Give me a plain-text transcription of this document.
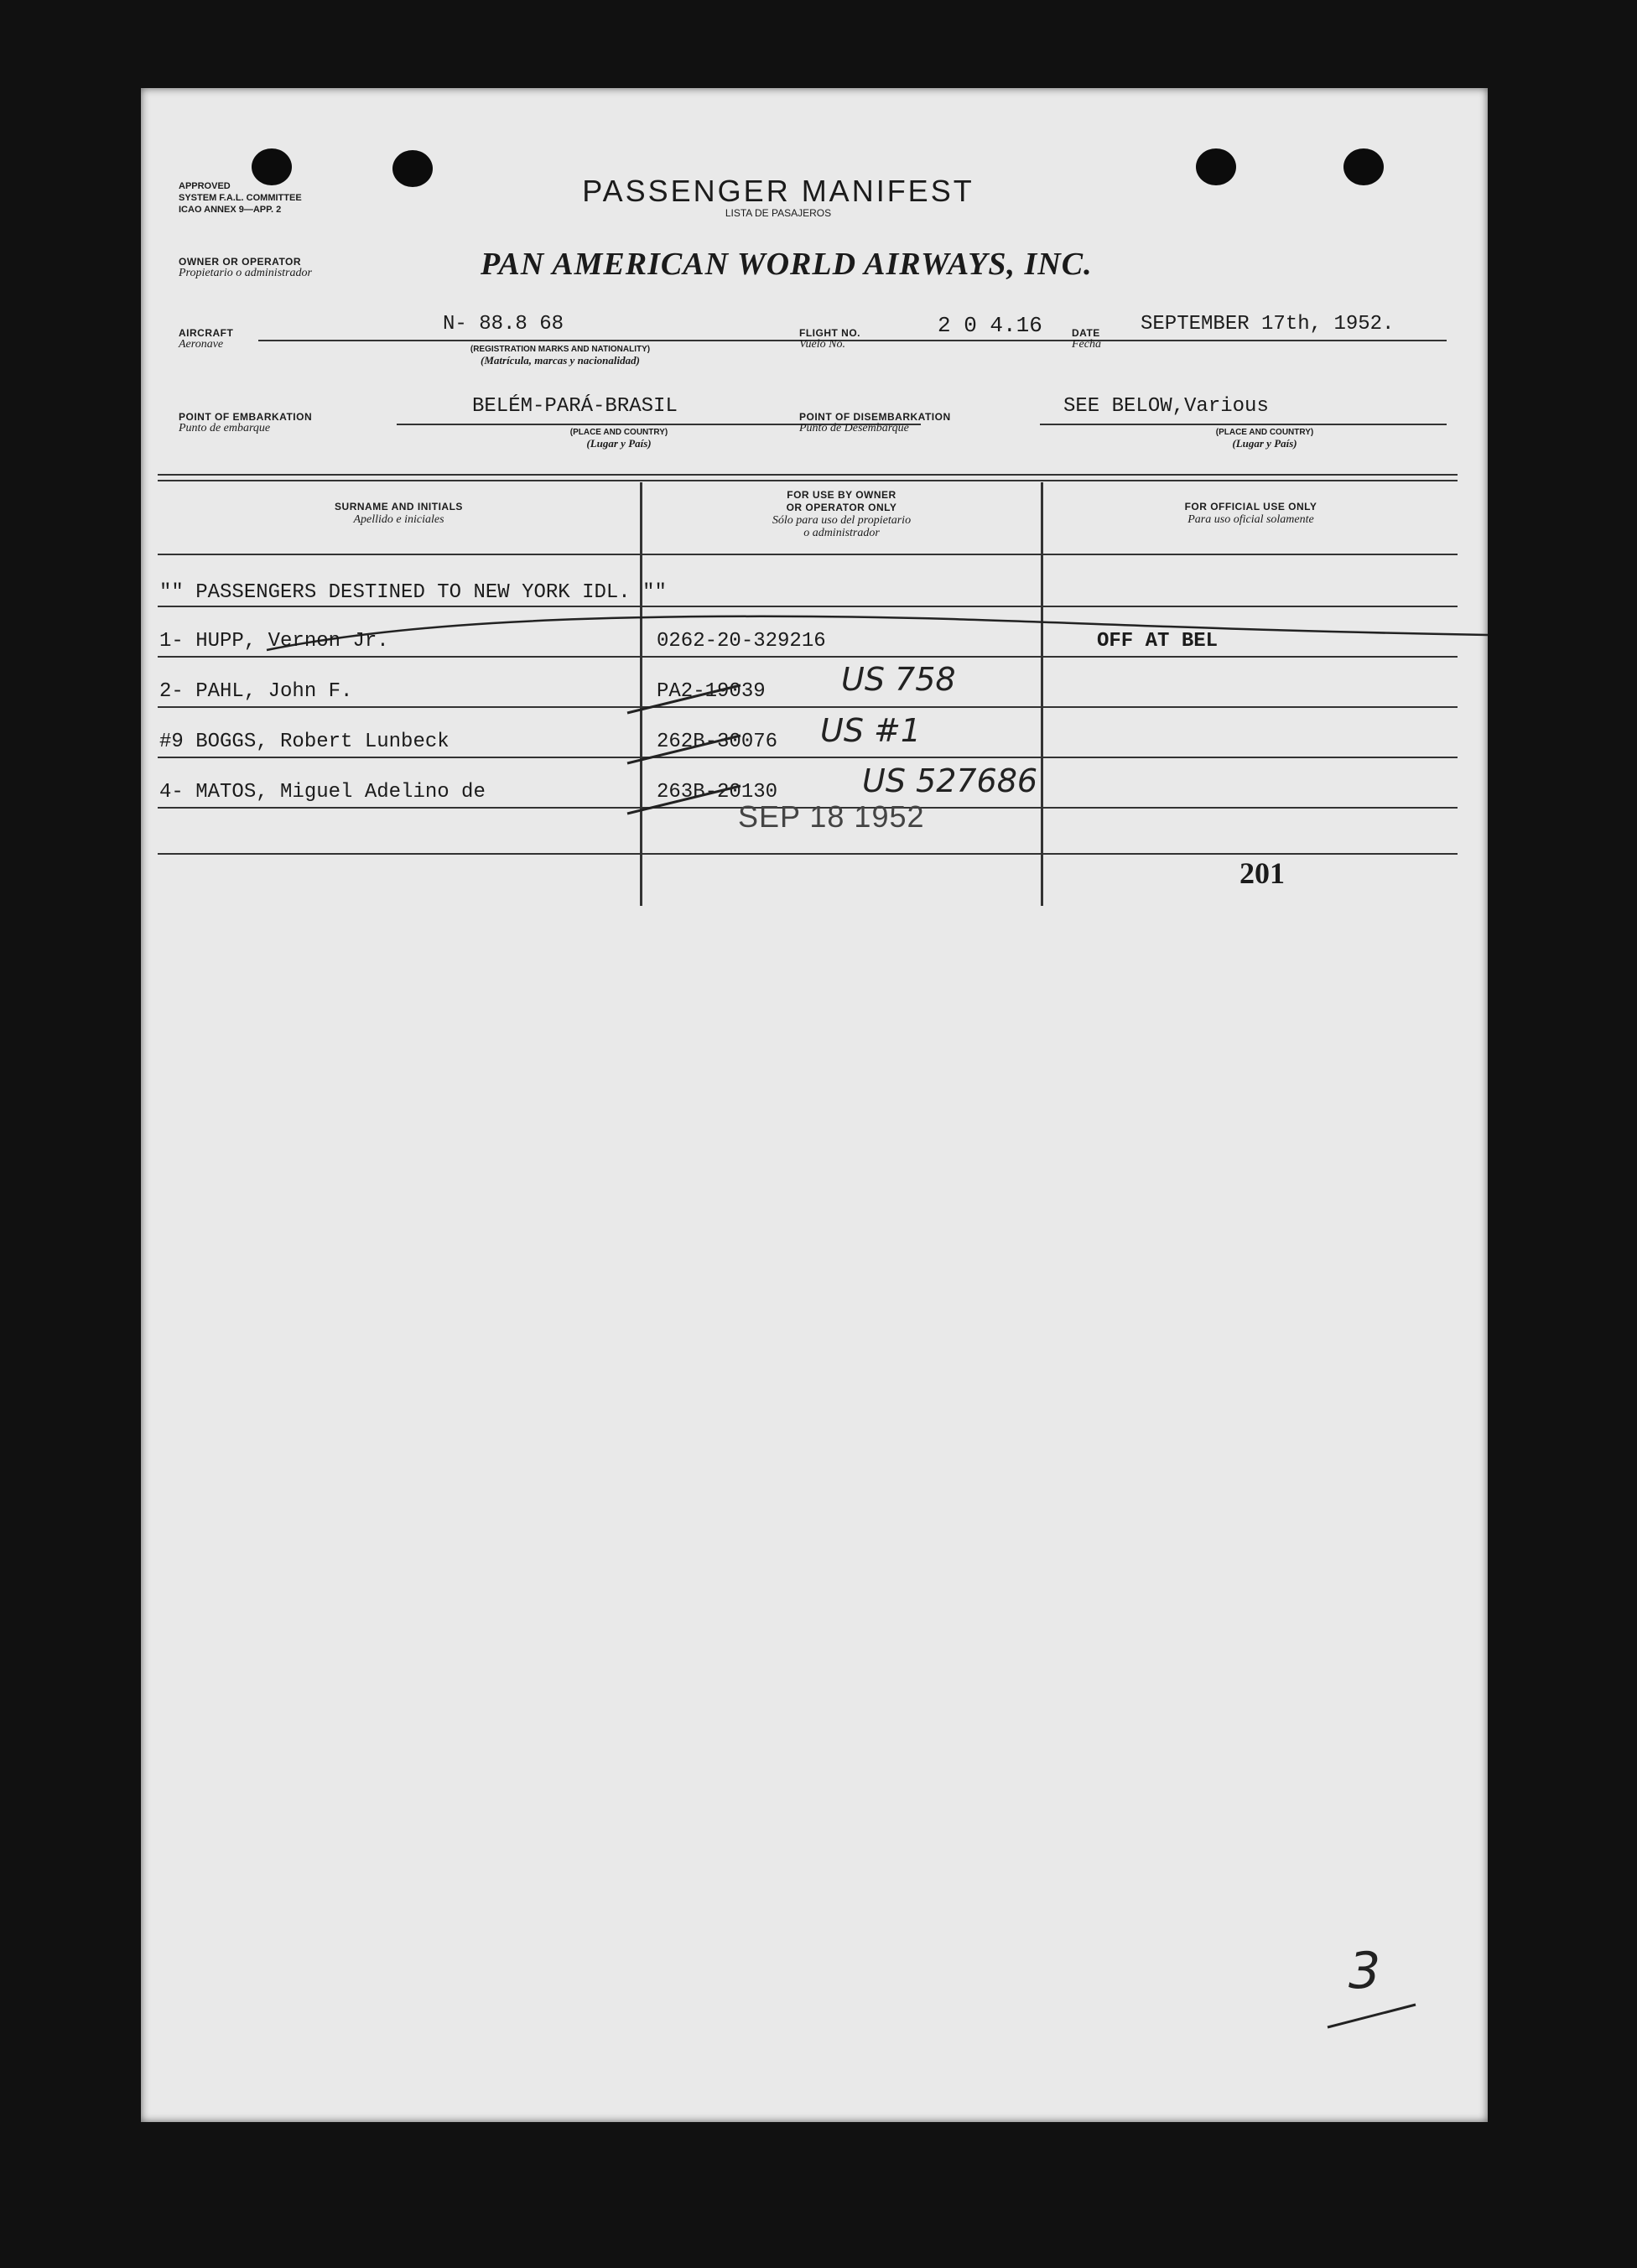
APPROVED
SYSTEM F.A.L. COMMITTEE
ICAO ANNEX 9—APP. 2
PASSENGER MANIFEST
LISTA DE PASAJEROS
OWNER OR OPERATOR
Propietario o administrador	PAN AMERICAN WORLD AIRWAYS, INC.
AIRCRAFT
Aeronave
N- 88.8 68
(REGISTRATION MARKS AND NATIONALITY)
(Matrícula, marcas y nacionalidad)
FLIGHT NO.
Vuelo No.
2 0 4.16	DATE
Fecha
SEPTEMBER 17th, 1952.
POINT OF EMBARKATION
Punto de embarque
BELÉM-PARÁ-BRASIL
(PLACE AND COUNTRY)
(Lugar y País)
POINT OF DISEMBARKATION
Punto de Desembarque
SEE BELOW,Various
(PLACE AND COUNTRY)
(Lugar y País)
SURNAME AND INITIALS
Apellido e iniciales
FOR USE BY OWNER
OR OPERATOR ONLY
Sólo para uso del propietario
o administrador
FOR OFFICIAL USE ONLY
Para uso oficial solamente
"" PASSENGERS DESTINED TO NEW YORK IDL. ""
1- HUPP, Vernon Jr.	0262-20-329216	OFF AT BEL
2- PAHL, John F.	PA2-19039 US 758
#9 BOGGS, Robert Lunbeck	262B-30076 US #1
4- MATOS, Miguel Adelino de	263B-20130	US 527686
SEP 18 1952
201
3
